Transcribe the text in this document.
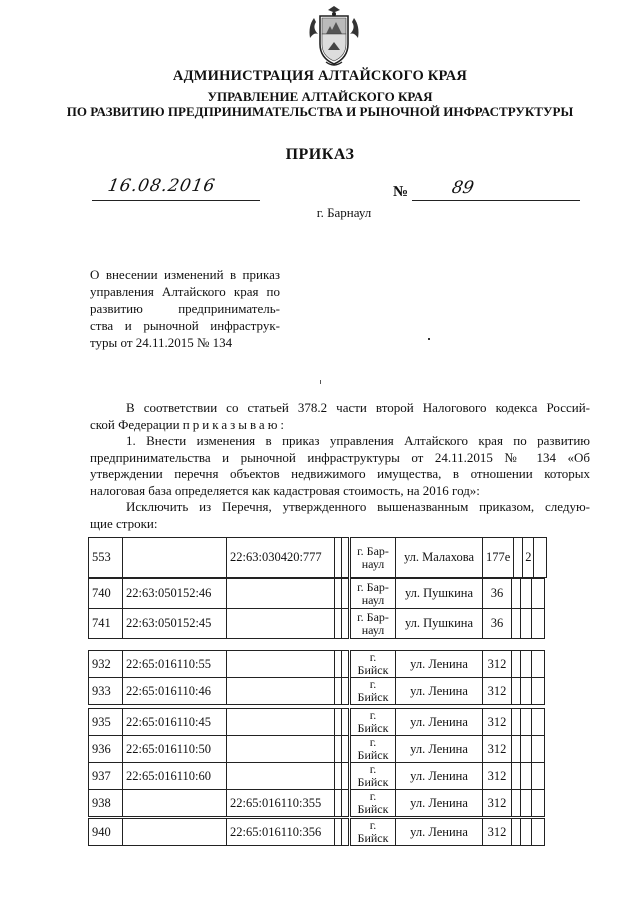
АДМИНИСТРАЦИЯ АЛТАЙСКОГО КРАЯ
УПРАВЛЕНИЕ АЛТАЙСКОГО КРАЯ
ПО РАЗВИТИЮ ПРЕДПРИНИМАТЕЛЬСТВА И РЫНОЧНОЙ ИНФРАСТРУКТУРЫ
ПРИКАЗ
16.08.2016	№ 89
г. Барнаул
О внесении изменений в приказ
управления Алтайского края по
развитию предприниматель-
ства и рыночной инфраструк-
туры от 24.11.2015 № 134
В соответствии со статьей 378.2 части второй Налогового кодекса Россий-
ской Федерации приказываю:
1. Внести изменения в приказ управления Алтайского края по развитию
предпринимательства и рыночной инфраструктуры от 24.11.2015 № 134 «Об
утверждении перечня объектов недвижимого имущества, в отношении которых
налоговая база определяется как кадастровая стоимость, на 2016 год»:
Исключить из Перечня, утвержденного вышеназванным приказом, следую-
щие строки:
553		22:63:030420:777			г. Бар-
наул	ул. Малахова	177е		2	
740	22:63:050152:46				г. Бар-
наул	ул. Пушкина	36			
741	22:63:050152:45				г. Бар-
наул	ул. Пушкина	36			
932	22:65:016110:55				г. Бийск	ул. Ленина	312			
933	22:65:016110:46				г. Бийск	ул. Ленина	312			
935	22:65:016110:45				г. Бийск	ул. Ленина	312			
936	22:65:016110:50				г. Бийск	ул. Ленина	312			
937	22:65:016110:60				г. Бийск	ул. Ленина	312			
938		22:65:016110:355			г. Бийск	ул. Ленина	312			
940		22:65:016110:356			г. Бийск	ул. Ленина	312			
